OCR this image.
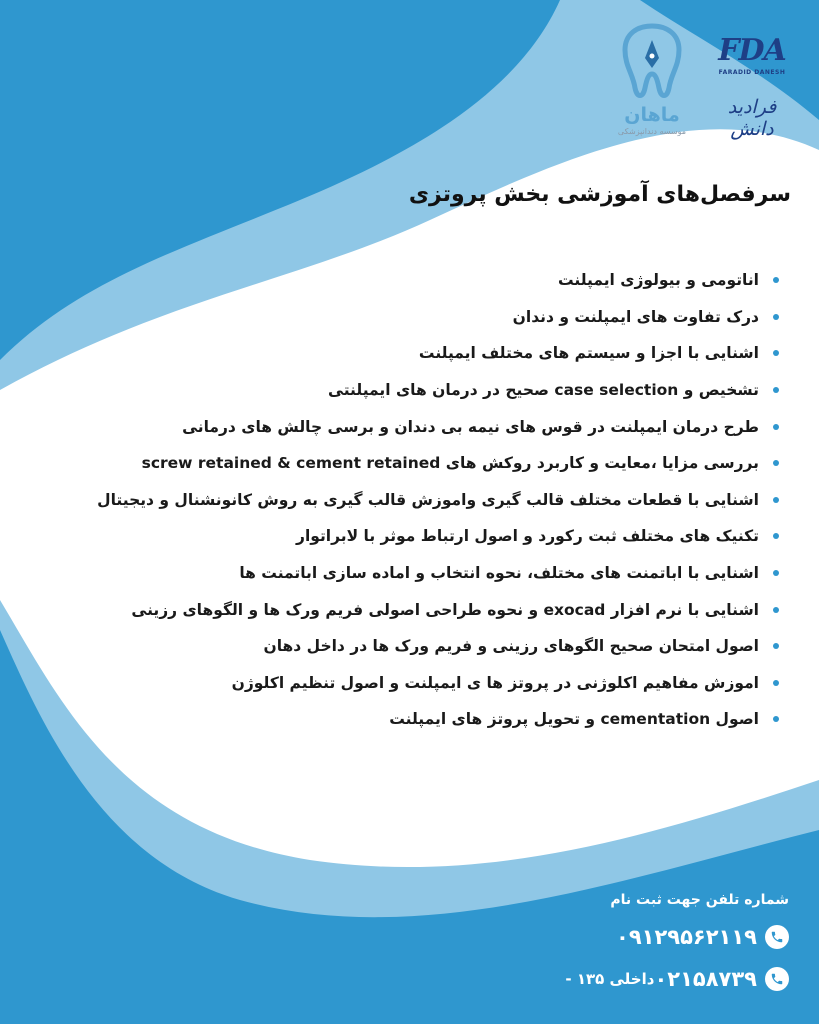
ماهان
موسسه دندانپزشکی
FDA
FARADID DANESH
فرادید دانش
سرفصل‌های آموزشی بخش پروتزی
اناتومی و بیولوژی ایمپلنت
درک تفاوت های ایمپلنت و دندان
اشنایی با اجزا و سیستم های مختلف ایمپلنت
تشخیص و case selection صحیح در درمان های ایمپلنتی
طرح درمان ایمپلنت در قوس های نیمه بی دندان و برسی چالش های درمانی
بررسی مزایا ،معایت و کاربرد روکش های screw retained & cement retained
اشنایی با قطعات مختلف قالب گیری واموزش قالب گیری به روش کانونشنال و دیجیتال
تکنیک های مختلف ثبت رکورد و اصول ارتباط موثر با لابراتوار
اشنایی با اباتمنت های مختلف، نحوه انتخاب و اماده سازی اباتمنت ها
اشنایی با نرم افزار exocad و نحوه طراحی اصولی فریم ورک ها و الگوهای رزینی
اصول امتحان صحیح الگوهای رزینی و فریم ورک ها در داخل دهان
اموزش مفاهیم اکلوژنی در پروتز ها ی ایمپلنت و اصول تنظیم اکلوژن
اصول cementation و تحویل پروتز های ایمپلنت
شماره تلفن جهت ثبت نام
۰۹۱۲۹۵۶۲۱۱۹
۰۲۱۵۸۷۳۹
داخلی ۱۳۵ -
